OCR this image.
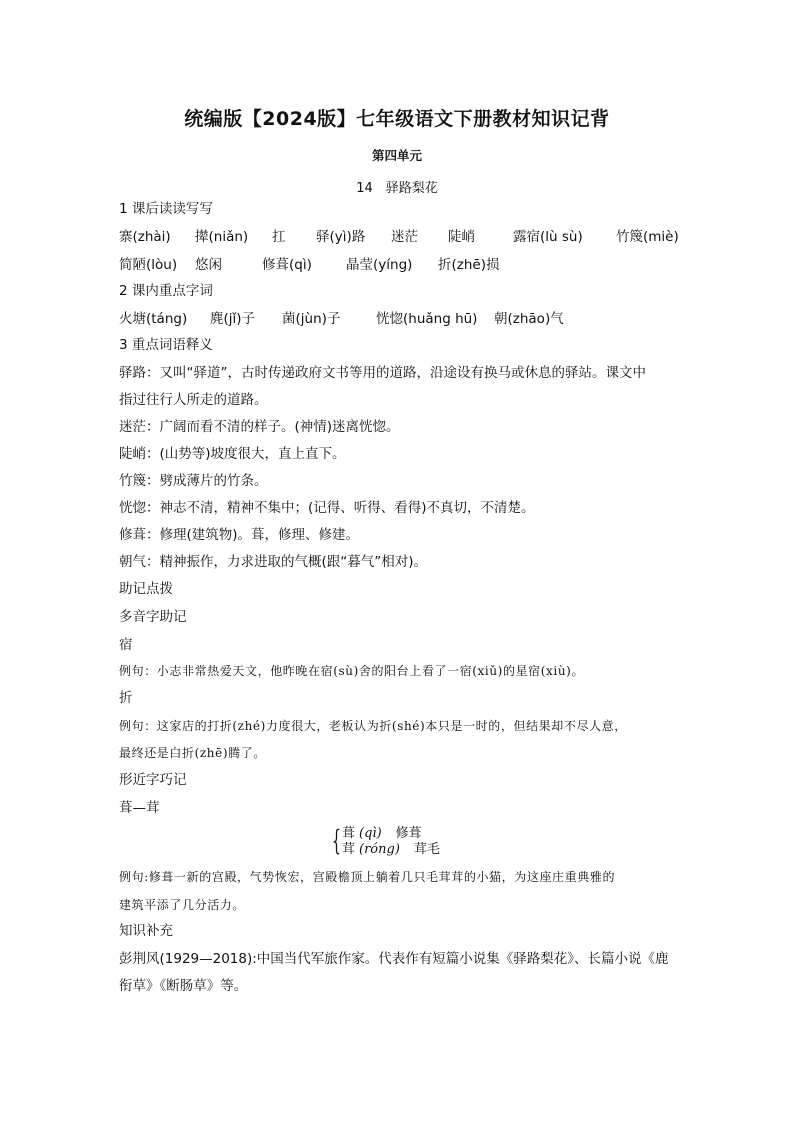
统编版【2024版】七年级语文下册教材知识记背
第四单元
14　驿路梨花
1 课后读读写写
寨(zhài) 撵(niǎn) 扛 驿(yì)路 迷茫 陡峭	露宿(lù sù) 竹篾(miè)
简陋(lòu) 悠闲	修葺(qì)	晶莹(yíng) 折(zhē)损
2 课内重点字词
火塘(táng) 麂(jǐ)子 菌(jùn)子	恍惚(huǎng hū) 朝(zhāo)气
3 重点词语释义
驿路：又叫“驿道”，古时传递政府文书等用的道路，沿途设有换马或休息的驿站。课文中
指过往行人所走的道路。
迷茫：广阔而看不清的样子。(神情)迷离恍惚。
陡峭：(山势等)坡度很大，直上直下。
竹篾：劈成薄片的竹条。
恍惚：神志不清，精神不集中；(记得、听得、看得)不真切，不清楚。
修葺：修理(建筑物)。葺，修理、修建。
朝气：精神振作，力求进取的气概(跟“暮气”相对)。
助记点拨
多音字助记
宿
例句：小志非常热爱天文，他昨晚在宿(sù)舍的阳台上看了一宿(xiǔ)的星宿(xiù)。
折
例句：这家店的打折(zhé)力度很大，老板认为折(shé)本只是一时的，但结果却不尽人意，
最终还是白折(zhē)腾了。
形近字巧记
葺—茸
{ 葺 (qì) 修葺
茸 (róng) 茸毛
例句:修葺一新的宫殿，气势恢宏，宫殿檐顶上躺着几只毛茸茸的小猫，为这座庄重典雅的
建筑平添了几分活力。
知识补充
彭荆风(1929—2018):中国当代军旅作家。代表作有短篇小说集《驿路梨花》、长篇小说《鹿
衔草》《断肠草》等。
